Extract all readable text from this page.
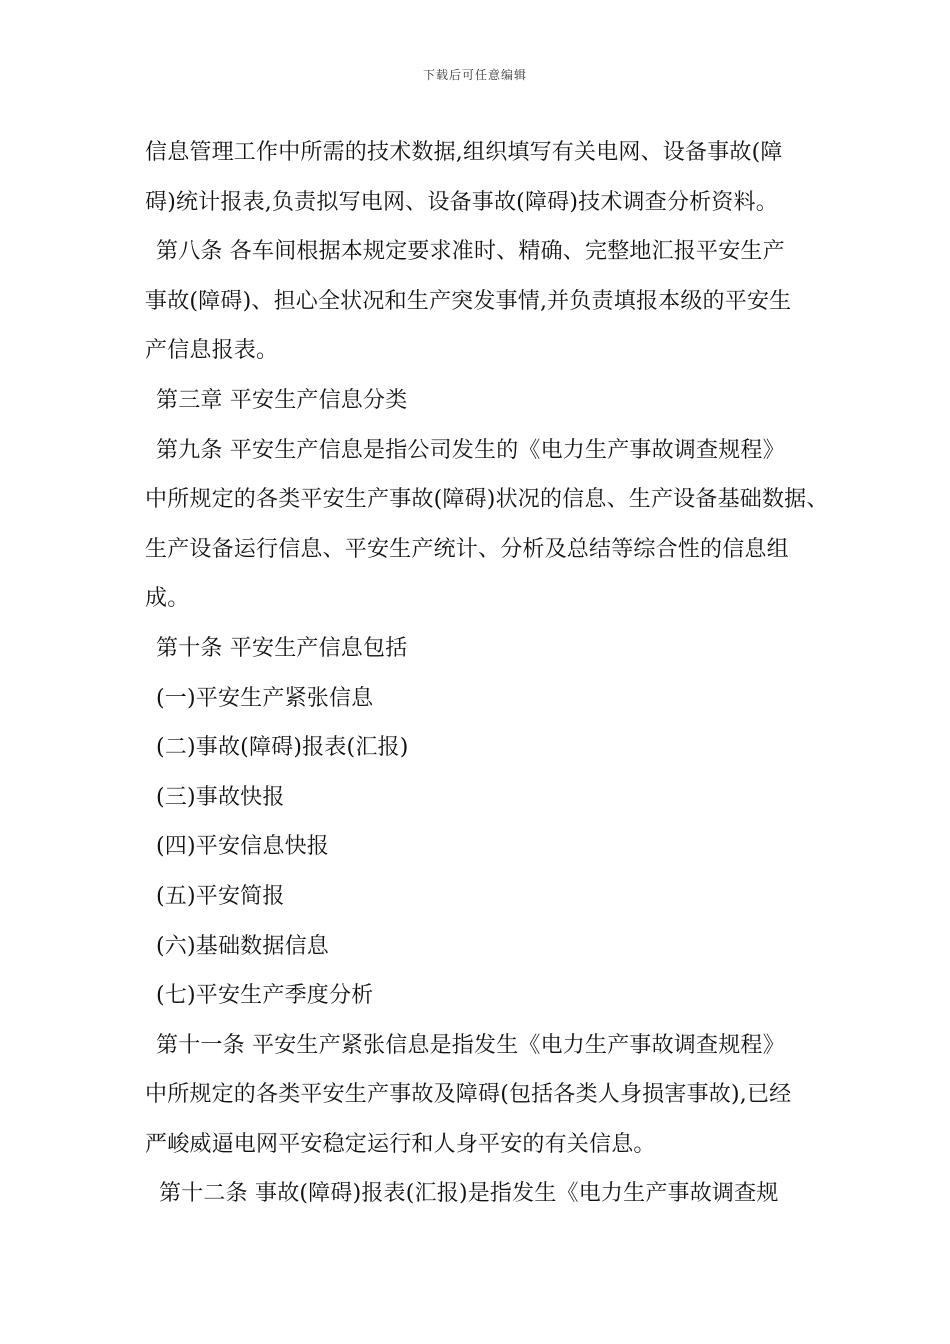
下载后可任意编辑
信息管理工作中所需的技术数据,组织填写有关电网、设备事故(障
碍)统计报表,负责拟写电网、设备事故(障碍)技术调查分析资料。
第八条 各车间根据本规定要求准时、精确、完整地汇报平安生产
事故(障碍)、担心全状况和生产突发事情,并负责填报本级的平安生
产信息报表。
第三章 平安生产信息分类
第九条 平安生产信息是指公司发生的《电力生产事故调查规程》
中所规定的各类平安生产事故(障碍)状况的信息、生产设备基础数据、
生产设备运行信息、平安生产统计、分析及总结等综合性的信息组
成。
第十条 平安生产信息包括
(一)平安生产紧张信息
(二)事故(障碍)报表(汇报)
(三)事故快报
(四)平安信息快报
(五)平安简报
(六)基础数据信息
(七)平安生产季度分析
第十一条 平安生产紧张信息是指发生《电力生产事故调查规程》
中所规定的各类平安生产事故及障碍(包括各类人身损害事故),已经
严峻威逼电网平安稳定运行和人身平安的有关信息。
第十二条 事故(障碍)报表(汇报)是指发生《电力生产事故调查规
